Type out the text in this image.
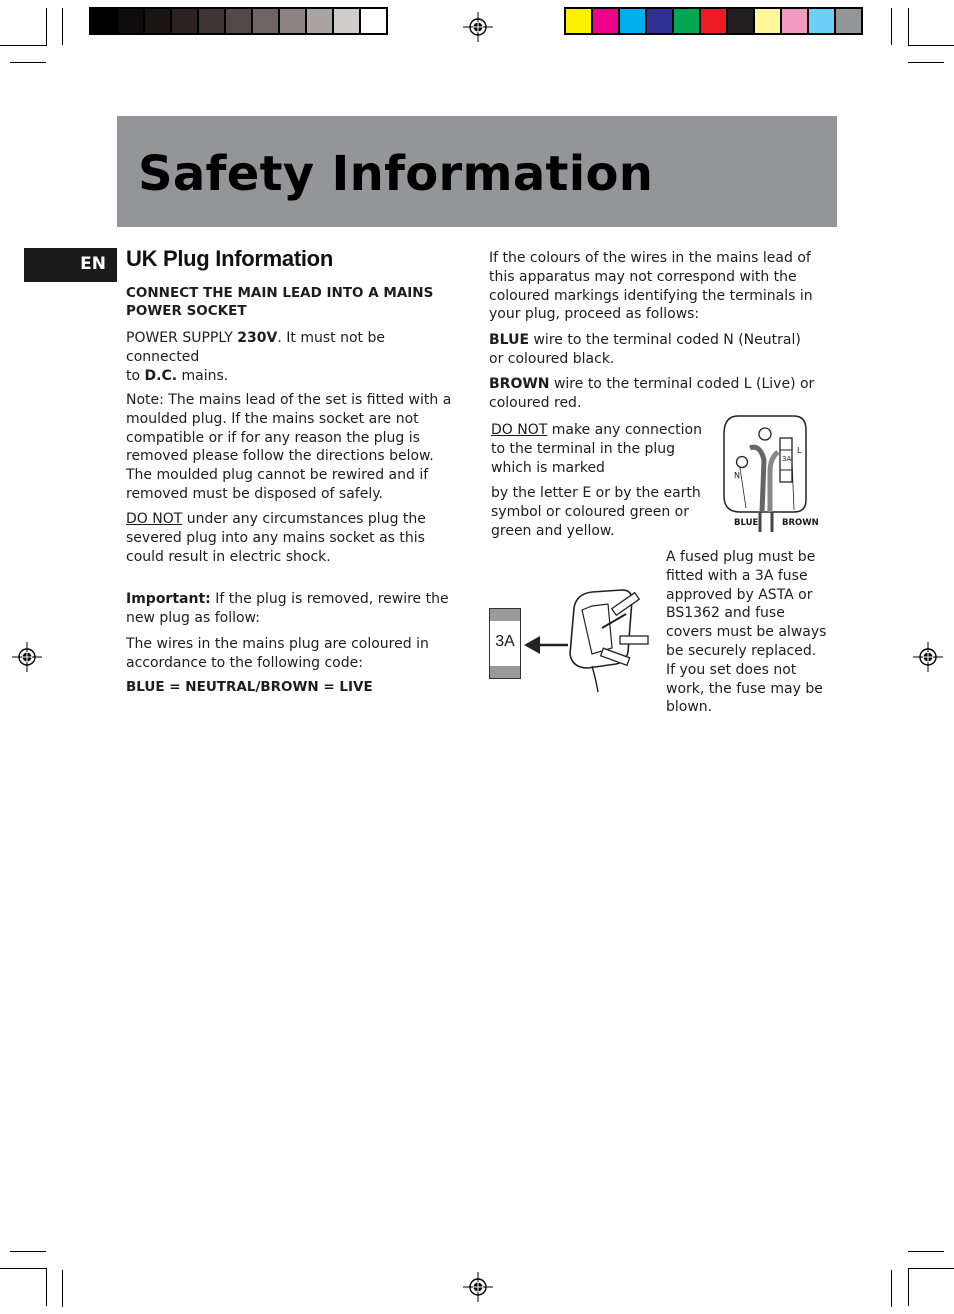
Safety Information
EN UK Plug Information
CONNECT THE MAIN LEAD INTO A MAINS
POWER SOCKET

POWER SUPPLY 230V. It must not be connected
to D.C. mains.

Note: The mains lead of the set is fitted with a moulded plug. If the mains socket are not compatible or if for any reason the plug is removed please follow the directions below. The moulded plug cannot be rewired and if removed must be disposed of safely.

DO NOT under any circumstances plug the severed plug into any mains socket as this could result in electric shock.

Important: If the plug is removed, rewire the new plug as follow:

The wires in the mains plug are coloured in accordance to the following code:

BLUE = NEUTRAL/BROWN = LIVE

If the colours of the wires in the mains lead of this apparatus may not correspond with the coloured markings identifying the terminals in your plug, proceed as follows:

BLUE wire to the terminal coded N (Neutral) or coloured black.

BROWN wire to the terminal coded L (Live) or coloured red.

DO NOT make any connection to the terminal in the plug which is marked

by the letter E or by the earth symbol or coloured green or green and yellow.

A fused plug must be fitted with a 3A fuse approved by ASTA or BS1362 and fuse covers must be always be securely replaced. If you set does not work, the fuse may be blown.

N
L
3A
BLUE	BROWN
3A
